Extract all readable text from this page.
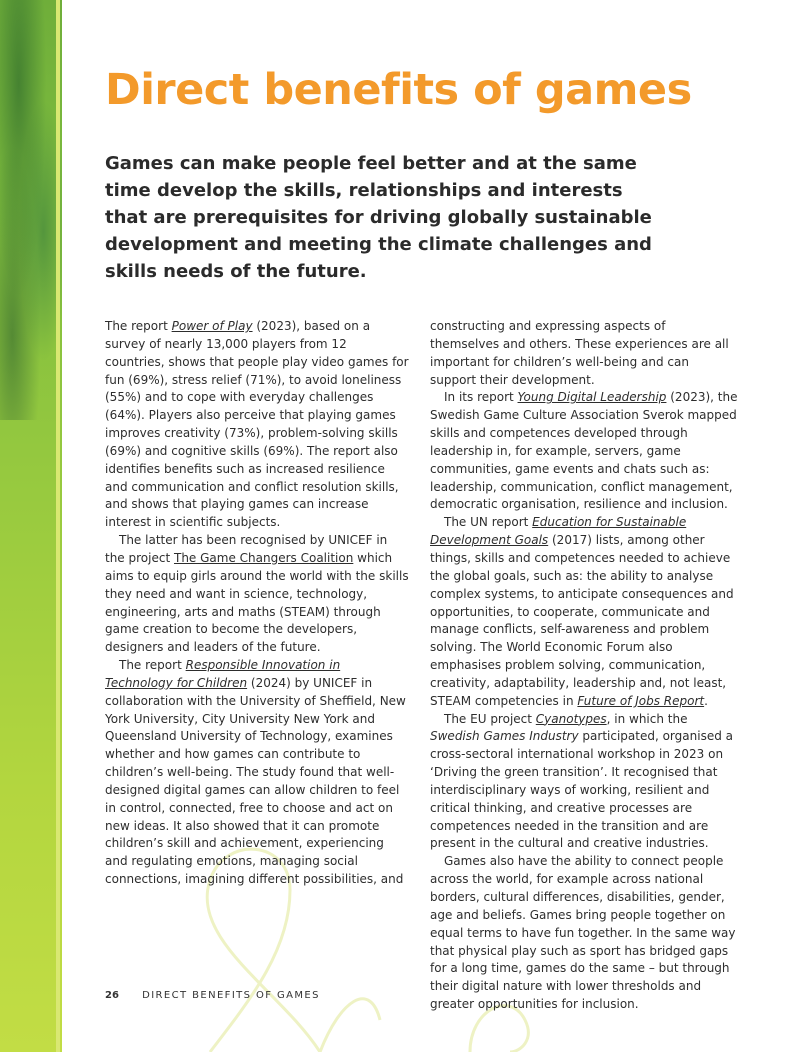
Direct benefits of games

Games can make people feel better and at the same time develop the skills, relationships and interests that are prerequisites for driving globally sustainable development and meeting the climate challenges and skills needs of the future.

The report Power of Play (2023), based on a survey of nearly 13,000 players from 12 countries, shows that people play video games for fun (69%), stress relief (71%), to avoid loneliness (55%) and to cope with everyday challenges (64%). Players also perceive that playing games improves creativity (73%), problem-solving skills (69%) and cognitive skills (69%). The report also identifies benefits such as increased resilience and communication and conflict resolution skills, and shows that playing games can increase interest in scientific subjects.

The latter has been recognised by UNICEF in the project The Game Changers Coalition which aims to equip girls around the world with the skills they need and want in science, technology, engineering, arts and maths (STEAM) through game creation to become the developers, designers and leaders of the future.

The report Responsible Innovation in Technology for Children (2024) by UNICEF in collaboration with the University of Sheffield, New York University, City University New York and Queensland University of Technology, examines whether and how games can contribute to children’s well-being. The study found that well-designed digital games can allow children to feel in control, connected, free to choose and act on new ideas. It also showed that it can promote children’s skill and achievement, experiencing and regulating emotions, managing social connections, imagining different possibilities, and

constructing and expressing aspects of themselves and others. These experiences are all important for children’s well-being and can support their development.

In its report Young Digital Leadership (2023), the Swedish Game Culture Association Sverok mapped skills and competences developed through leadership in, for example, servers, game communities, game events and chats such as: leadership, communication, conflict management, democratic organisation, resilience and inclusion.

The UN report Education for Sustainable Development Goals (2017) lists, among other things, skills and competences needed to achieve the global goals, such as: the ability to analyse complex systems, to anticipate consequences and opportunities, to cooperate, communicate and manage conflicts, self-awareness and problem solving. The World Economic Forum also emphasises problem solving, communication, creativity, adaptability, leadership and, not least, STEAM competencies in Future of Jobs Report.

The EU project Cyanotypes, in which the Swedish Games Industry participated, organised a cross-sectoral international workshop in 2023 on ‘Driving the green transition’. It recognised that interdisciplinary ways of working, resilient and critical thinking, and creative processes are competences needed in the transition and are present in the cultural and creative industries.

Games also have the ability to connect people across the world, for example across national borders, cultural differences, disabilities, gender, age and beliefs. Games bring people together on equal terms to have fun together. In the same way that physical play such as sport has bridged gaps for a long time, games do the same – but through their digital nature with lower thresholds and greater opportunities for inclusion.

26 DIRECT BENEFITS OF GAMES
